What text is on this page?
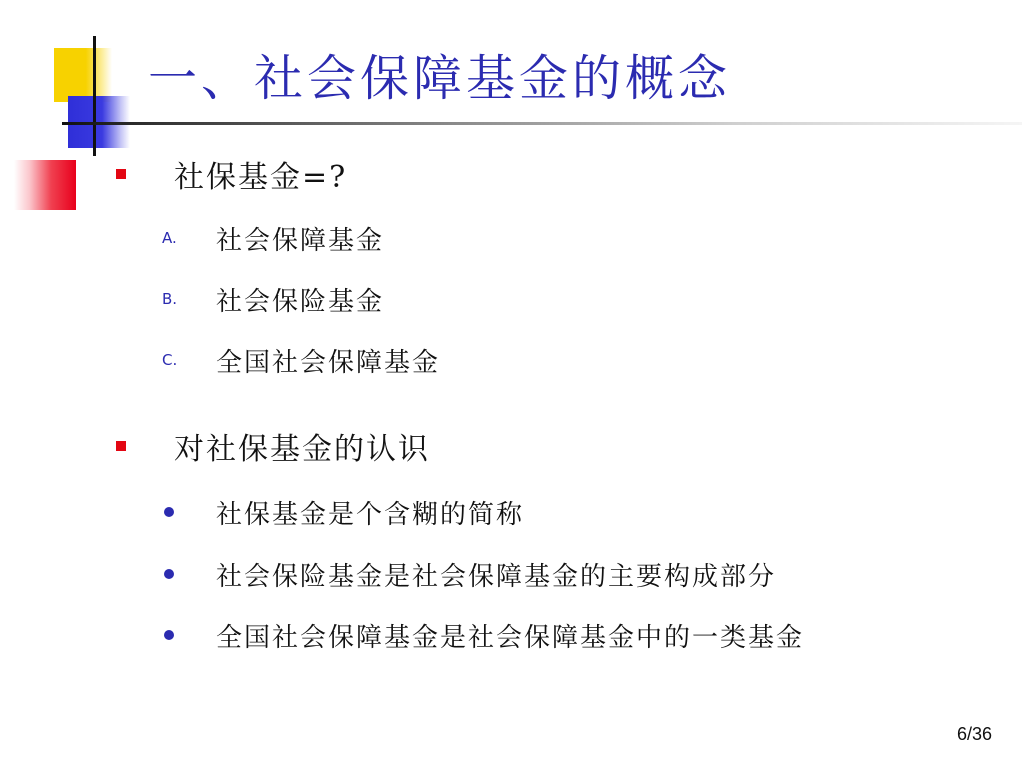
一、社会保障基金的概念
社保基金=?
A.	社会保障基金
B.	社会保险基金
C.	全国社会保障基金
对社保基金的认识
社保基金是个含糊的简称
社会保险基金是社会保障基金的主要构成部分
全国社会保障基金是社会保障基金中的一类基金
6/36
